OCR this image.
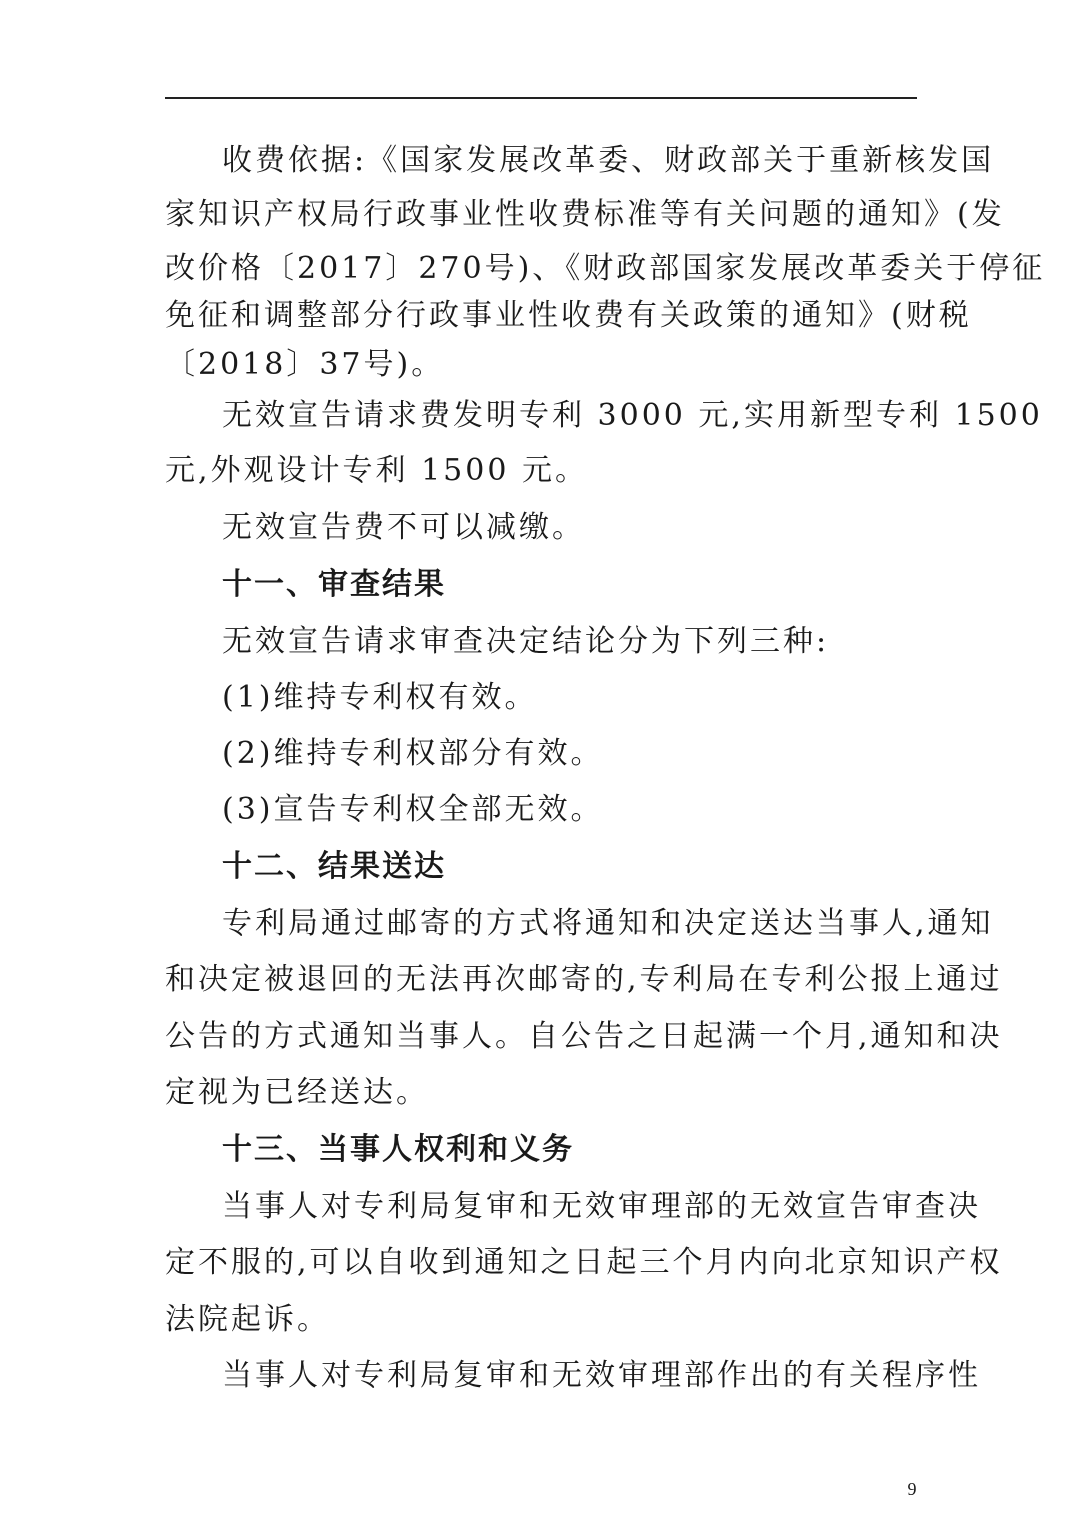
收费依据:《国家发展改革委、财政部关于重新核发国
家知识产权局行政事业性收费标准等有关问题的通知》(发
改价格〔2017〕270号)、《财政部国家发展改革委关于停征
免征和调整部分行政事业性收费有关政策的通知》(财税
〔2018〕37号)。
无效宣告请求费发明专利 3000 元,实用新型专利 1500
元,外观设计专利 1500 元。
无效宣告费不可以减缴。
十一、审查结果
无效宣告请求审查决定结论分为下列三种:
(1)维持专利权有效。
(2)维持专利权部分有效。
(3)宣告专利权全部无效。
十二、结果送达
专利局通过邮寄的方式将通知和决定送达当事人,通知
和决定被退回的无法再次邮寄的,专利局在专利公报上通过
公告的方式通知当事人。自公告之日起满一个月,通知和决
定视为已经送达。
十三、当事人权利和义务
当事人对专利局复审和无效审理部的无效宣告审查决
定不服的,可以自收到通知之日起三个月内向北京知识产权
法院起诉。
当事人对专利局复审和无效审理部作出的有关程序性
9
